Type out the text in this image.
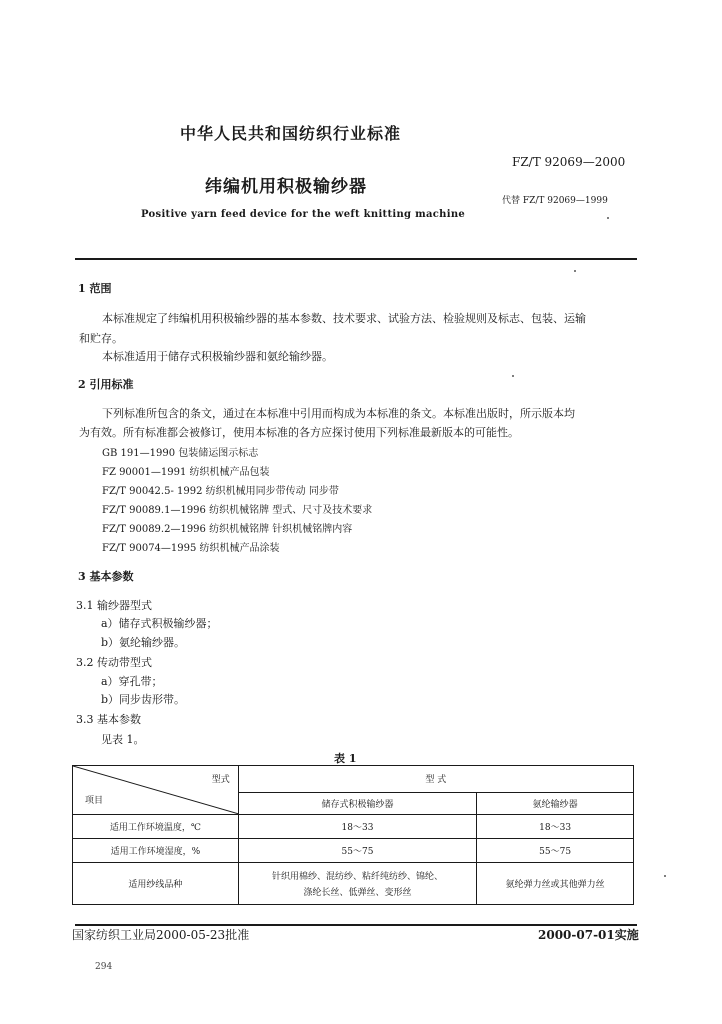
中华人民共和国纺织行业标准
FZ/T 92069—2000
纬编机用积极输纱器
代替 FZ/T 92069—1999
Positive yarn feed device for the weft knitting machine
1 范围
本标准规定了纬编机用积极输纱器的基本参数、技术要求、试验方法、检验规则及标志、包装、运输
和贮存。
本标准适用于储存式积极输纱器和氨纶输纱器。
2 引用标准
下列标准所包含的条文，通过在本标准中引用而构成为本标准的条文。本标准出版时，所示版本均
为有效。所有标准都会被修订，使用本标准的各方应探讨使用下列标准最新版本的可能性。
GB 191—1990 包装储运图示标志
FZ 90001—1991 纺织机械产品包装
FZ/T 90042.5- 1992 纺织机械用同步带传动 同步带
FZ/T 90089.1—1996 纺织机械铭牌 型式、尺寸及技术要求
FZ/T 90089.2—1996 纺织机械铭牌 针织机械铭牌内容
FZ/T 90074—1995 纺织机械产品涂装
3 基本参数
3.1 输纱器型式
a）储存式积极输纱器；
b）氨纶输纱器。
3.2 传动带型式
a）穿孔带；
b）同步齿形带。
3.3 基本参数
见表 1。
表 1
型式
项目	型 式	
	储存式积极输纱器	氨纶输纱器
适用工作环境温度，℃	18～33	18～33
适用工作环境湿度，%	55～75	55～75
适用纱线品种	针织用棉纱、混纺纱、粘纤纯纺纱、锦纶、
涤纶长丝、低弹丝、变形丝	氨纶弹力丝或其他弹力丝
国家纺织工业局2000-05-23批准	2000-07-01实施
294
